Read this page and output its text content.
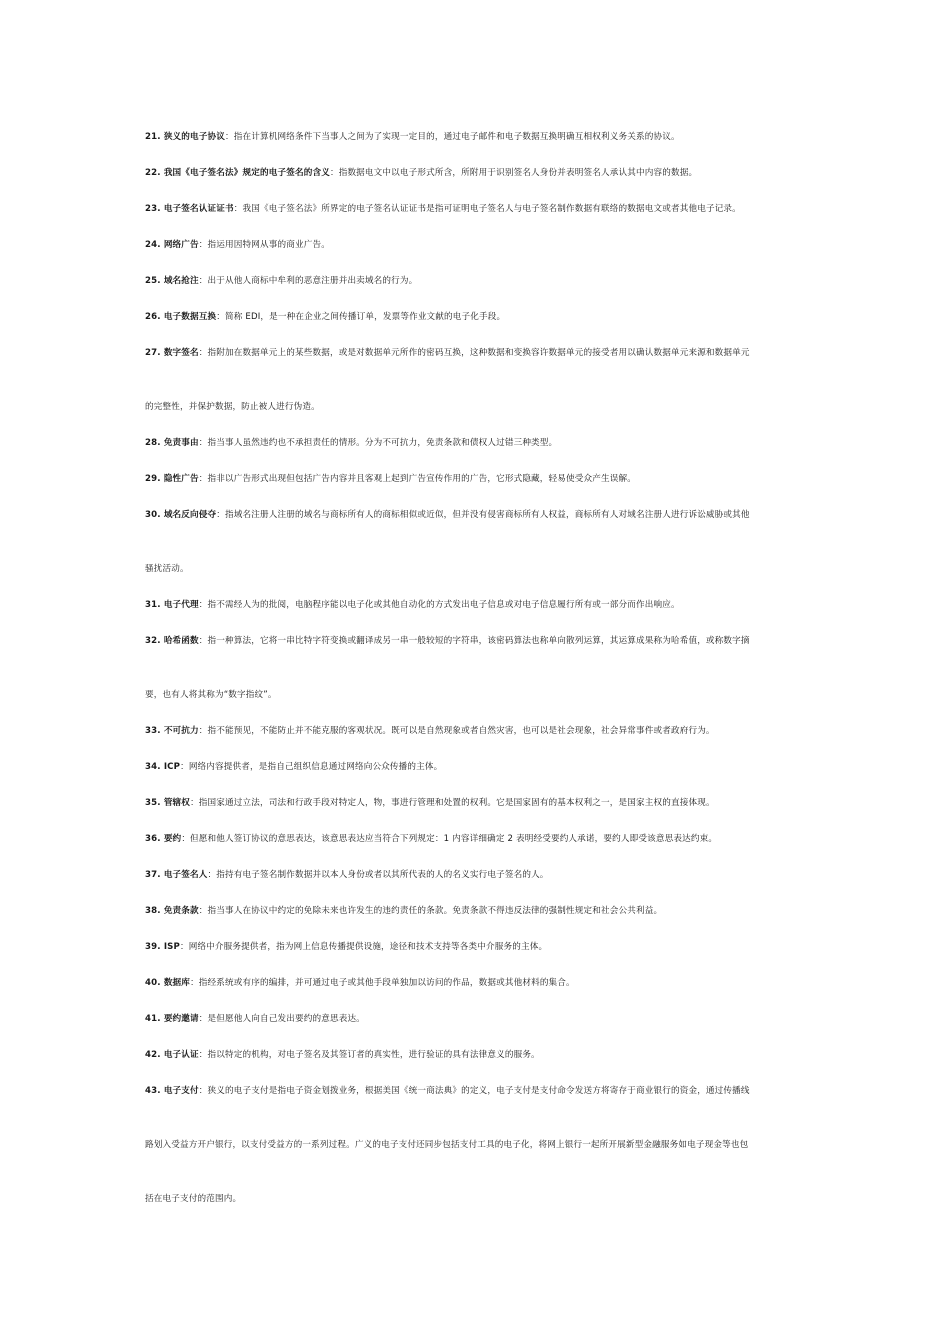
21. 狭义的电子协议：指在计算机网络条件下当事人之间为了实现一定目的，通过电子邮件和电子数据互换明确互相权利义务关系的协议。
22. 我国《电子签名法》规定的电子签名的含义：指数据电文中以电子形式所含，所附用于识别签名人身份并表明签名人承认其中内容的数据。
23. 电子签名认证证书：我国《电子签名法》所界定的电子签名认证证书是指可证明电子签名人与电子签名制作数据有联络的数据电文或者其他电子记录。
24. 网络广告：指运用因特网从事的商业广告。
25. 域名抢注：出于从他人商标中牟利的恶意注册并出卖域名的行为。
26. 电子数据互换：简称 EDI，是一种在企业之间传播订单，发票等作业文献的电子化手段。
27. 数字签名：指附加在数据单元上的某些数据，或是对数据单元所作的密码互换，这种数据和变换容许数据单元的接受者用以确认数据单元来源和数据单元
的完整性，并保护数据，防止被人进行伪造。
28. 免责事由：指当事人虽然违约也不承担责任的情形。分为不可抗力，免责条款和债权人过错三种类型。
29. 隐性广告：指非以广告形式出现但包括广告内容并且客观上起到广告宣传作用的广告，它形式隐藏，轻易使受众产生误解。
30. 域名反向侵夺：指域名注册人注册的域名与商标所有人的商标相似或近似，但并没有侵害商标所有人权益，商标所有人对域名注册人进行诉讼威胁或其他
骚扰活动。
31. 电子代理：指不需经人为的批阅，电脑程序能以电子化或其他自动化的方式发出电子信息或对电子信息履行所有或一部分而作出响应。
32. 哈希函数：指一种算法，它将一串比特字符变换或翻译成另一串一般较短的字符串，该密码算法也称单向散列运算，其运算成果称为哈希值，或称数字摘
要，也有人将其称为“数字指纹”。
33. 不可抗力：指不能预见，不能防止并不能克服的客观状况。既可以是自然现象或者自然灾害，也可以是社会现象，社会异常事件或者政府行为。
34. ICP：网络内容提供者，是指自己组织信息通过网络向公众传播的主体。
35. 管辖权：指国家通过立法，司法和行政手段对特定人，物，事进行管理和处置的权利。它是国家固有的基本权利之一，是国家主权的直接体现。
36. 要约：但愿和他人签订协议的意思表达，该意思表达应当符合下列规定：1 内容详细确定 2 表明经受要约人承诺，要约人即受该意思表达约束。
37. 电子签名人：指持有电子签名制作数据并以本人身份或者以其所代表的人的名义实行电子签名的人。
38. 免责条款：指当事人在协议中约定的免除未来也许发生的违约责任的条款。免责条款不得违反法律的强制性规定和社会公共利益。
39. ISP：网络中介服务提供者，指为网上信息传播提供设施，途径和技术支持等各类中介服务的主体。
40. 数据库：指经系统或有序的编排，并可通过电子或其他手段单独加以访问的作品，数据或其他材料的集合。
41. 要约邀请：是但愿他人向自己发出要约的意思表达。
42. 电子认证：指以特定的机构，对电子签名及其签订者的真实性，进行验证的具有法律意义的服务。
43. 电子支付：狭义的电子支付是指电子资金划拨业务，根据美国《统一商法典》的定义，电子支付是支付命令发送方将寄存于商业银行的资金，通过传播线
路划入受益方开户银行，以支付受益方的一系列过程。广义的电子支付还同步包括支付工具的电子化，将网上银行一起所开展新型金融服务如电子现金等也包
括在电子支付的范围内。
